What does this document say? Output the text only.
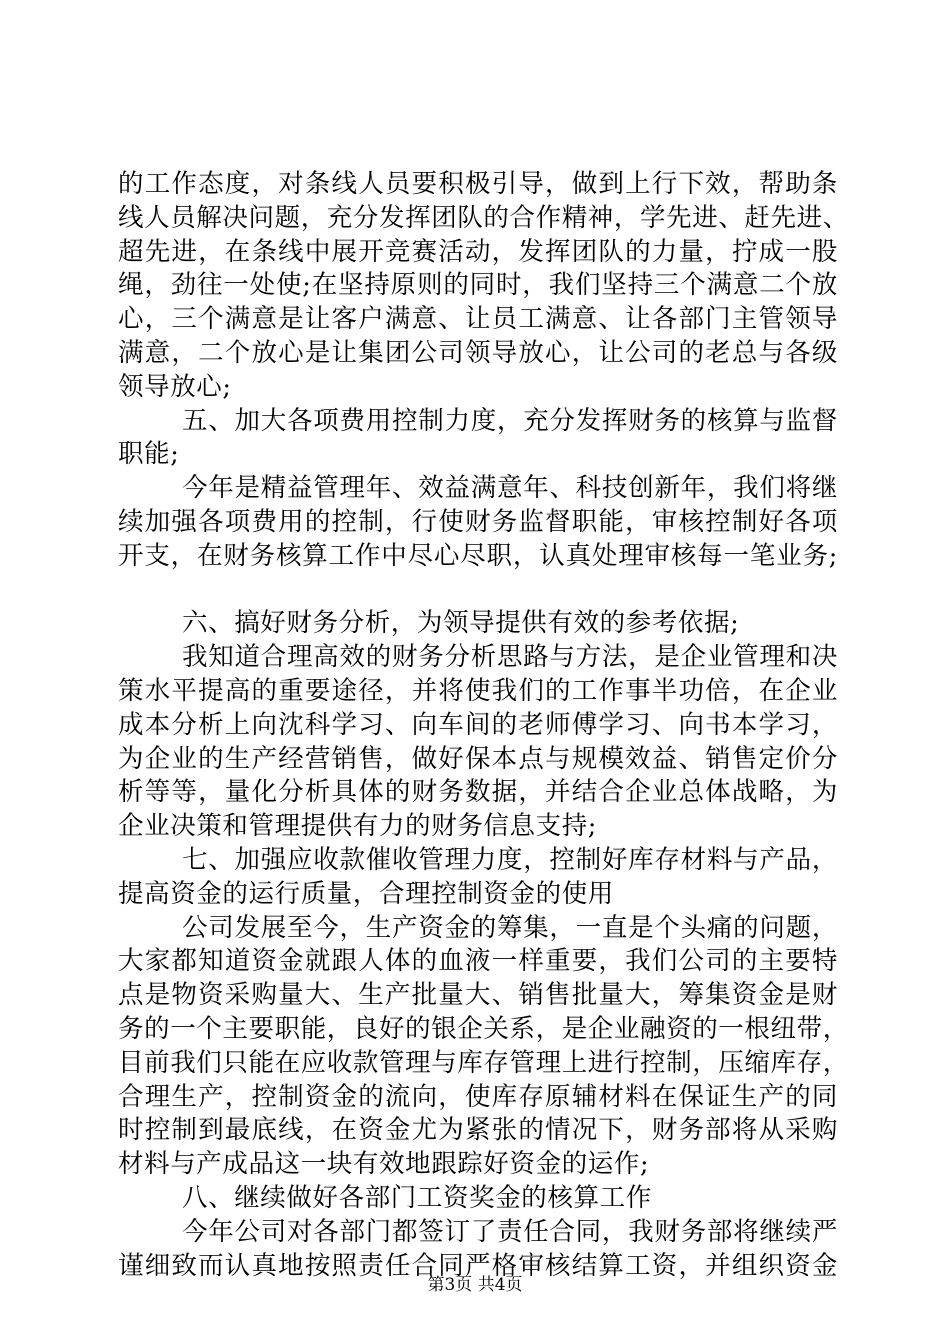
的工作态度，对条线人员要积极引导，做到上行下效，帮助条
线人员解决问题，充分发挥团队的合作精神，学先进、赶先进、
超先进，在条线中展开竞赛活动，发挥团队的力量，拧成一股
绳，劲往一处使;在坚持原则的同时，我们坚持三个满意二个放
心，三个满意是让客户满意、让员工满意、让各部门主管领导
满意，二个放心是让集团公司领导放心，让公司的老总与各级
领导放心;
五、加大各项费用控制力度，充分发挥财务的核算与监督
职能;
今年是精益管理年、效益满意年、科技创新年，我们将继
续加强各项费用的控制，行使财务监督职能，审核控制好各项
开支，在财务核算工作中尽心尽职，认真处理审核每一笔业务;
六、搞好财务分析，为领导提供有效的参考依据;
我知道合理高效的财务分析思路与方法，是企业管理和决
策水平提高的重要途径，并将使我们的工作事半功倍，在企业
成本分析上向沈科学习、向车间的老师傅学习、向书本学习，
为企业的生产经营销售，做好保本点与规模效益、销售定价分
析等等，量化分析具体的财务数据，并结合企业总体战略，为
企业决策和管理提供有力的财务信息支持;
七、加强应收款催收管理力度，控制好库存材料与产品，
提高资金的运行质量，合理控制资金的使用
公司发展至今，生产资金的筹集，一直是个头痛的问题，
大家都知道资金就跟人体的血液一样重要，我们公司的主要特
点是物资采购量大、生产批量大、销售批量大，筹集资金是财
务的一个主要职能，良好的银企关系，是企业融资的一根纽带，
目前我们只能在应收款管理与库存管理上进行控制，压缩库存，
合理生产，控制资金的流向，使库存原辅材料在保证生产的同
时控制到最底线，在资金尤为紧张的情况下，财务部将从采购
材料与产成品这一块有效地跟踪好资金的运作;
八、继续做好各部门工资奖金的核算工作
今年公司对各部门都签订了责任合同，我财务部将继续严
谨细致而认真地按照责任合同严格审核结算工资，并组织资金
第3页 共4页
